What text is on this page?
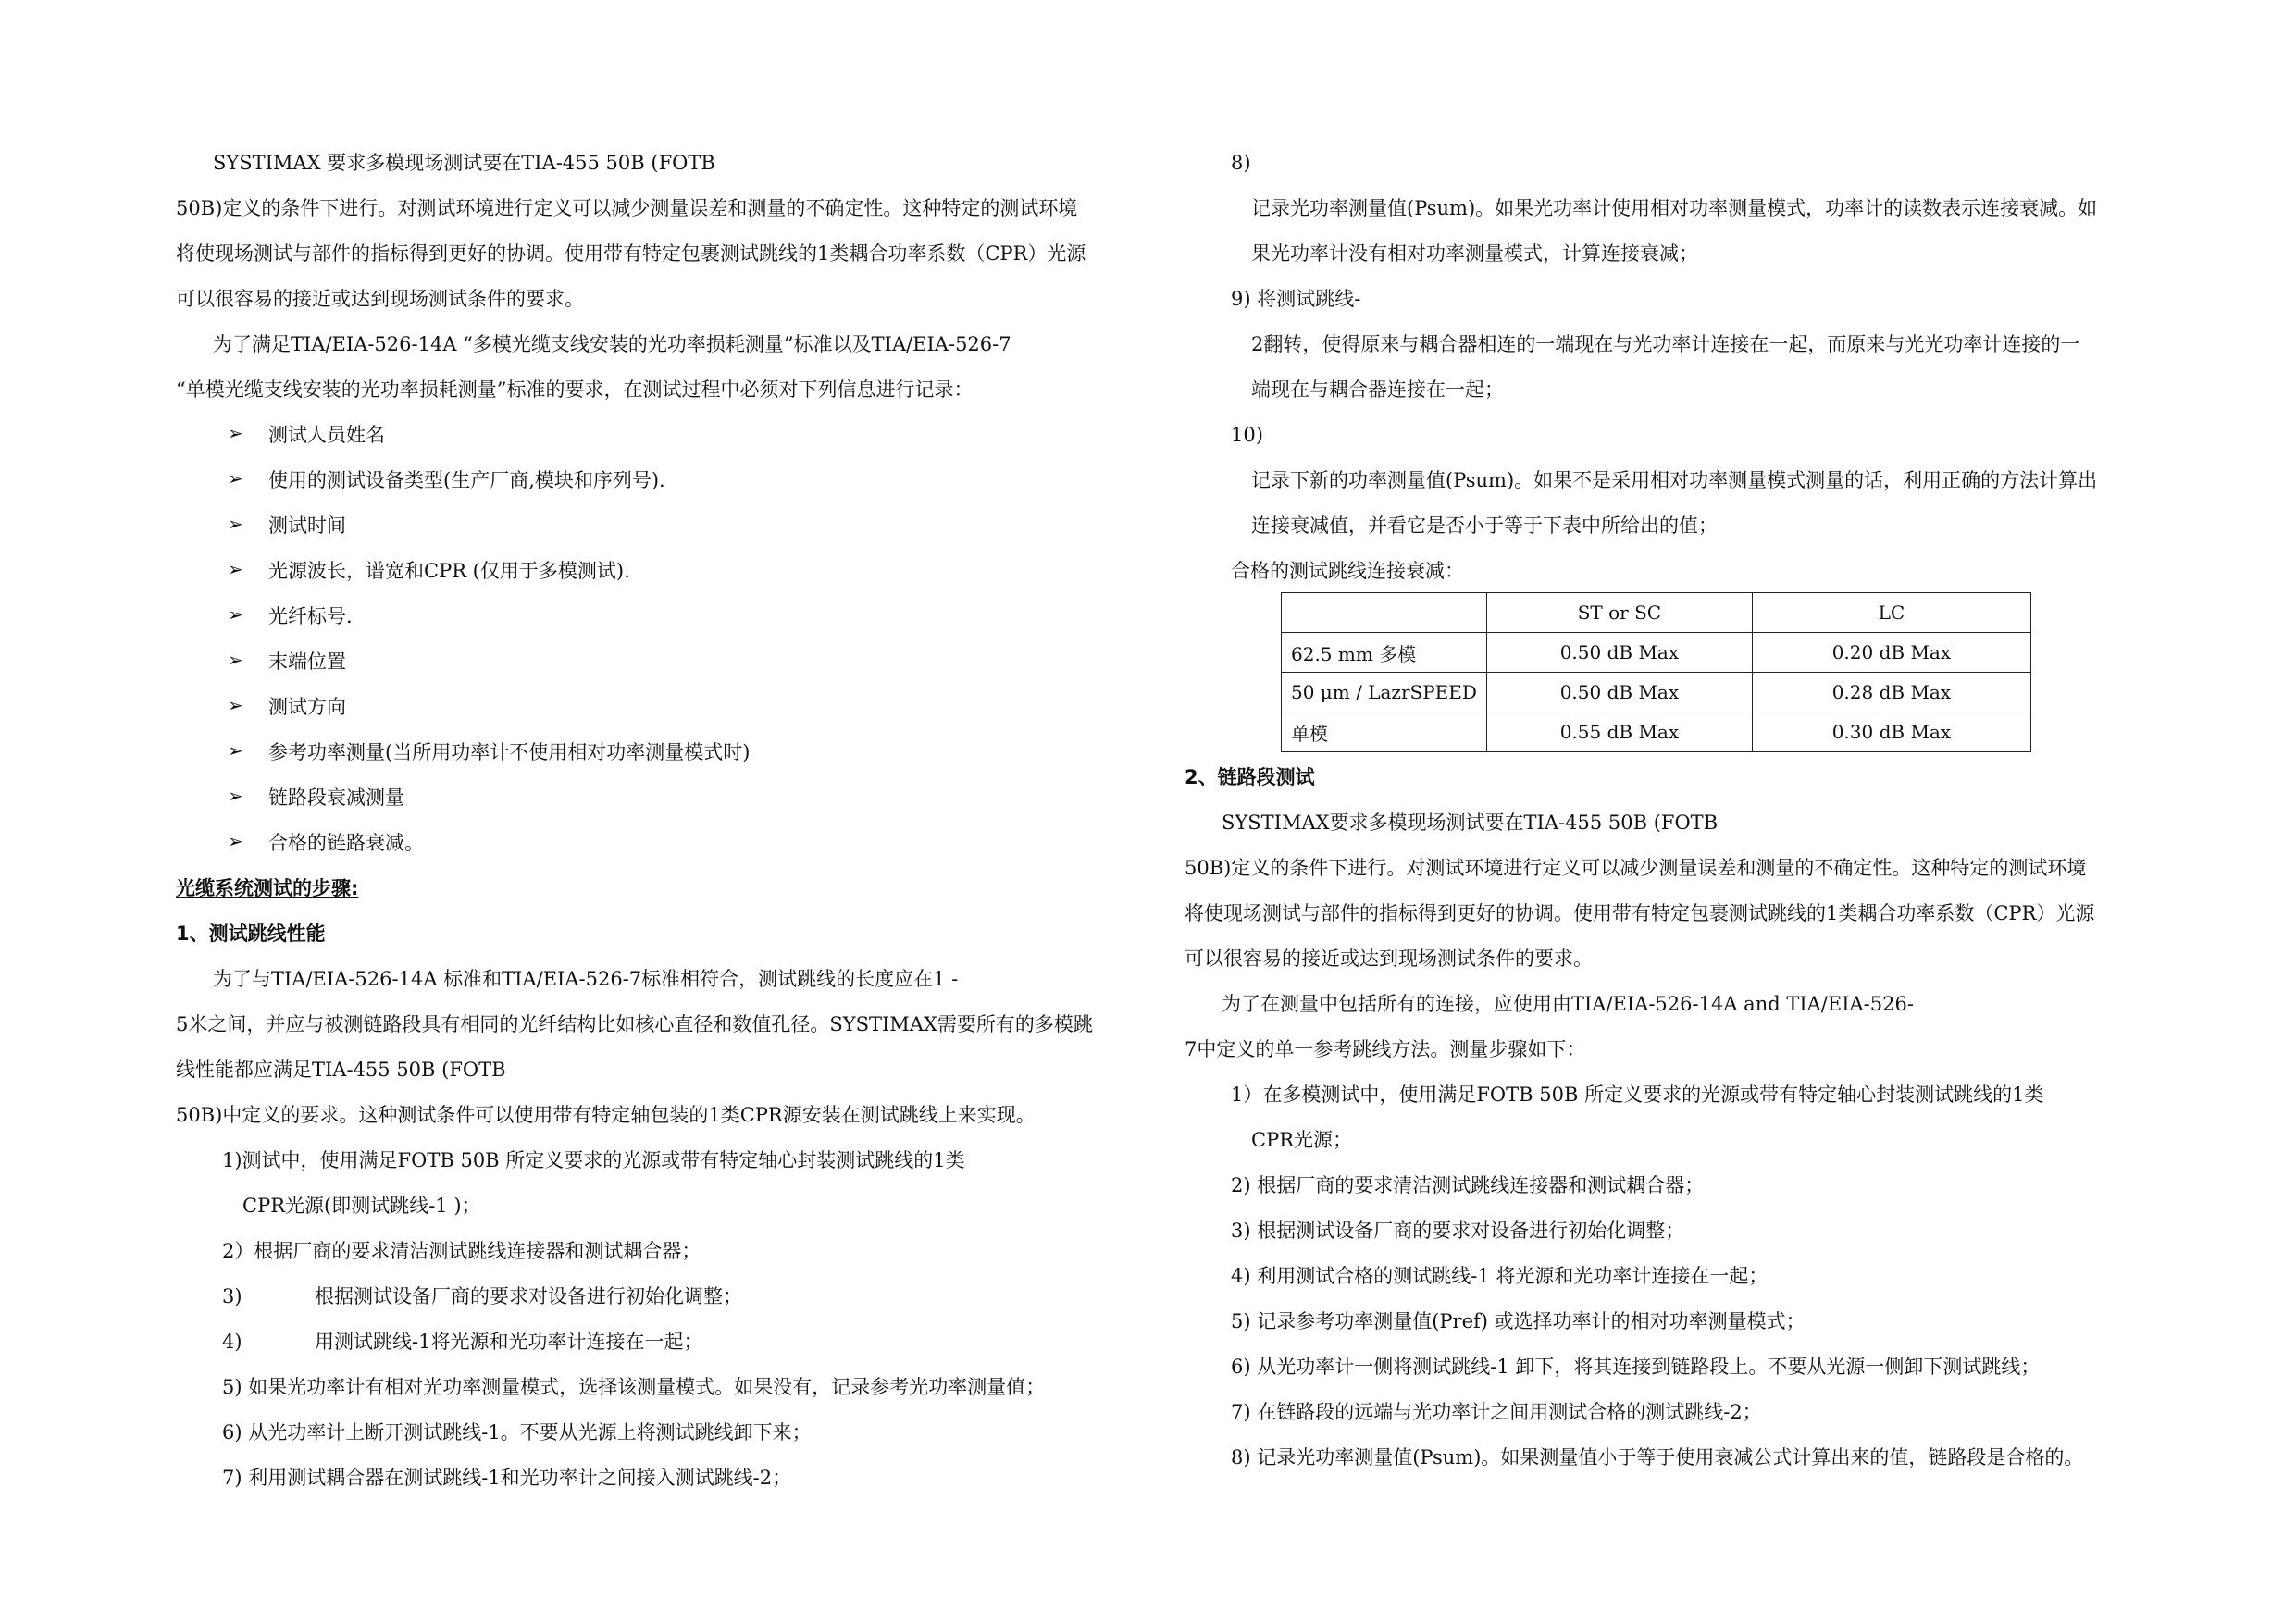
SYSTIMAX 要求多模现场测试要在TIA-455 50B (FOTB
50B)定义的条件下进行。对测试环境进行定义可以减少测量误差和测量的不确定性。这种特定的测试环境
将使现场测试与部件的指标得到更好的协调。使用带有特定包裹测试跳线的1类耦合功率系数（CPR）光源
可以很容易的接近或达到现场测试条件的要求。
为了满足TIA/EIA-526-14A “多模光缆支线安装的光功率损耗测量”标准以及TIA/EIA-526-7
“单模光缆支线安装的光功率损耗测量”标准的要求，在测试过程中必须对下列信息进行记录：
➢ 测试人员姓名
➢ 使用的测试设备类型(生产厂商,模块和序列号).
➢ 测试时间
➢ 光源波长，谱宽和CPR (仅用于多模测试).
➢ 光纤标号.
➢ 末端位置
➢ 测试方向
➢ 参考功率测量(当所用功率计不使用相对功率测量模式时)
➢ 链路段衰减测量
➢ 合格的链路衰减。
光缆系统测试的步骤:
1、测试跳线性能
为了与TIA/EIA-526-14A 标准和TIA/EIA-526-7标准相符合，测试跳线的长度应在1 -
5米之间，并应与被测链路段具有相同的光纤结构比如核心直径和数值孔径。SYSTIMAX需要所有的多模跳
线性能都应满足TIA-455 50B (FOTB
50B)中定义的要求。这种测试条件可以使用带有特定轴包装的1类CPR源安装在测试跳线上来实现。
1)测试中，使用满足FOTB 50B 所定义要求的光源或带有特定轴心封装测试跳线的1类
CPR光源(即测试跳线-1 )；
2）根据厂商的要求清洁测试跳线连接器和测试耦合器；
3)	根据测试设备厂商的要求对设备进行初始化调整；
4)	用测试跳线-1将光源和光功率计连接在一起；
5) 如果光功率计有相对光功率测量模式，选择该测量模式。如果没有，记录参考光功率测量值；
6) 从光功率计上断开测试跳线-1。不要从光源上将测试跳线卸下来；
7) 利用测试耦合器在测试跳线-1和光功率计之间接入测试跳线-2；
8)
记录光功率测量值(Psum)。如果光功率计使用相对功率测量模式，功率计的读数表示连接衰减。如
果光功率计没有相对功率测量模式，计算连接衰减；
9) 将测试跳线-
2翻转，使得原来与耦合器相连的一端现在与光功率计连接在一起，而原来与光光功率计连接的一
端现在与耦合器连接在一起；
10)
记录下新的功率测量值(Psum)。如果不是采用相对功率测量模式测量的话，利用正确的方法计算出
连接衰减值，并看它是否小于等于下表中所给出的值；
合格的测试跳线连接衰减：
	ST or SC	LC
62.5 mm 多模	0.50 dB Max	0.20 dB Max
50 μm / LazrSPEED	0.50 dB Max	0.28 dB Max
单模	0.55 dB Max	0.30 dB Max
2、链路段测试
SYSTIMAX要求多模现场测试要在TIA-455 50B (FOTB
50B)定义的条件下进行。对测试环境进行定义可以减少测量误差和测量的不确定性。这种特定的测试环境
将使现场测试与部件的指标得到更好的协调。使用带有特定包裹测试跳线的1类耦合功率系数（CPR）光源
可以很容易的接近或达到现场测试条件的要求。
为了在测量中包括所有的连接，应使用由TIA/EIA-526-14A and TIA/EIA-526-
7中定义的单一参考跳线方法。测量步骤如下：
1）在多模测试中，使用满足FOTB 50B 所定义要求的光源或带有特定轴心封装测试跳线的1类
CPR光源；
2) 根据厂商的要求清洁测试跳线连接器和测试耦合器；
3) 根据测试设备厂商的要求对设备进行初始化调整；
4) 利用测试合格的测试跳线-1 将光源和光功率计连接在一起；
5) 记录参考功率测量值(Pref) 或选择功率计的相对功率测量模式；
6) 从光功率计一侧将测试跳线-1 卸下，将其连接到链路段上。不要从光源一侧卸下测试跳线；
7) 在链路段的远端与光功率计之间用测试合格的测试跳线-2；
8) 记录光功率测量值(Psum)。如果测量值小于等于使用衰减公式计算出来的值，链路段是合格的。
